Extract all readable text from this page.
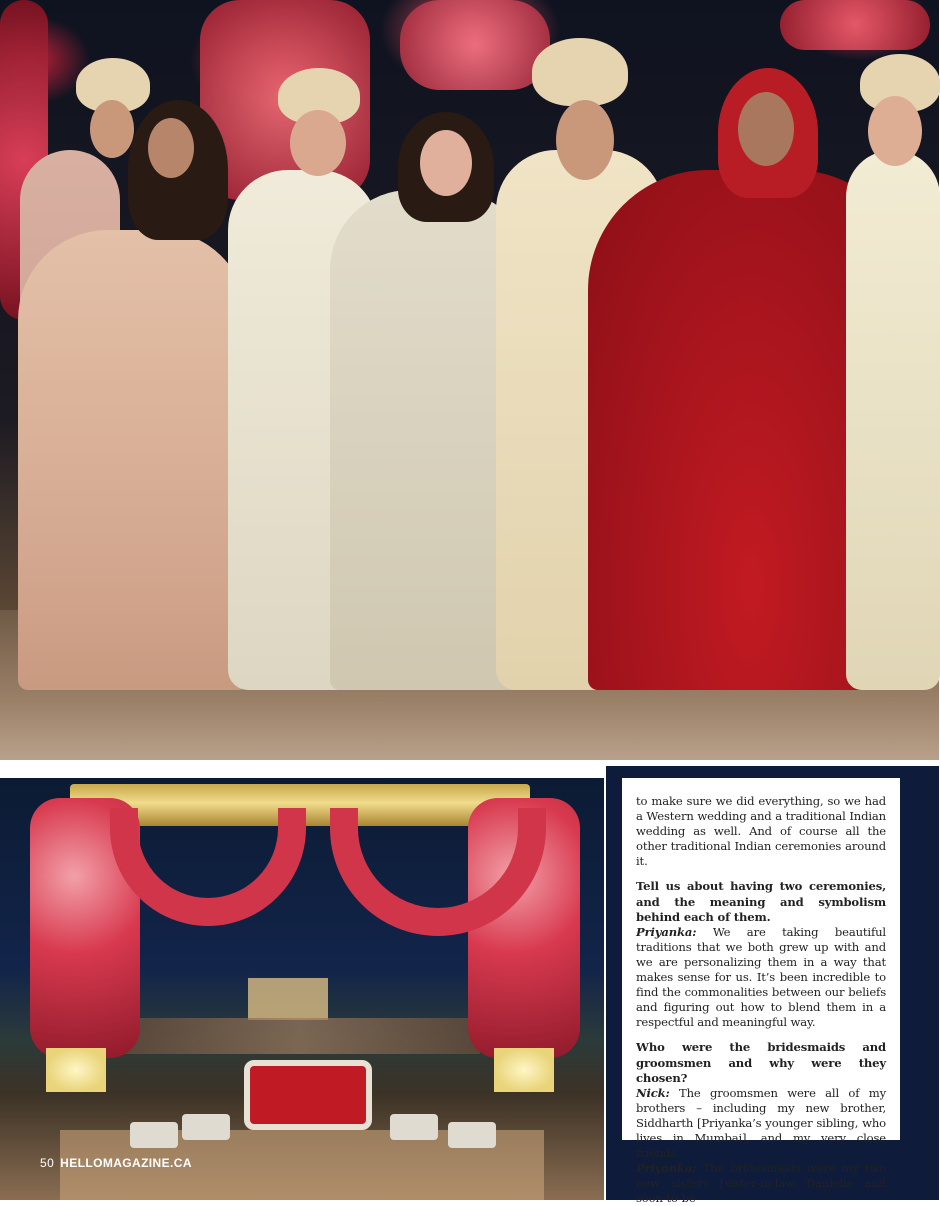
to make sure we did everything, so we had a Western wedding and a traditional Indian wedding as well. And of course all the other traditional Indian ceremonies around it.

Tell us about having two ceremonies, and the meaning and symbolism behind each of them.

Priyanka: We are taking beautiful traditions that we both grew up with and we are personalizing them in a way that makes sense for us. It’s been incredible to find the commonalities between our beliefs and figuring out how to blend them in a respectful and meaningful way.

Who were the bridesmaids and groomsmen and why were they chosen?

Nick: The groomsmen were all of my brothers – including my new brother, Siddharth [Priyanka’s younger sibling, who lives in Mumbai], and my very close friends.

Priyanka: The bridesmaids were my two new sisters [sister-in-law Danielle and soon-to-be

50 HELLOMAGAZINE.CA
